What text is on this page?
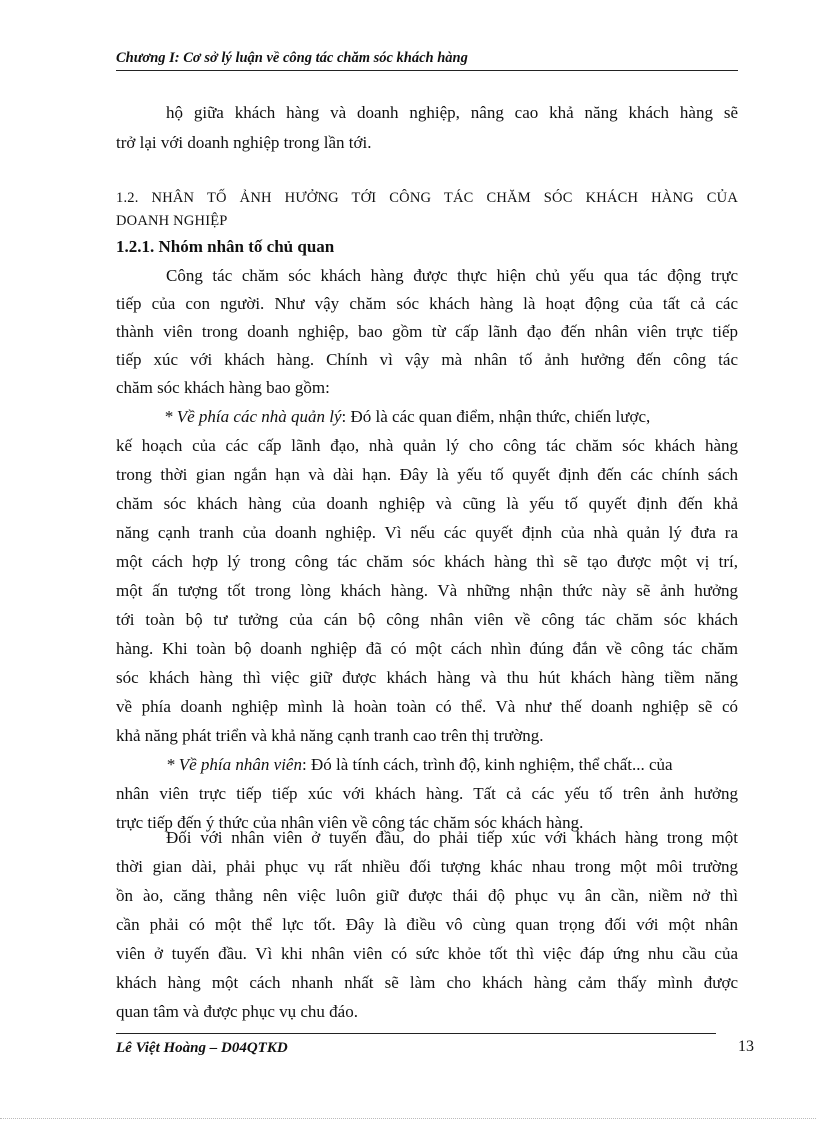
Chương I: Cơ sở lý luận về công tác chăm sóc khách hàng
hộ giữa khách hàng và doanh nghiệp, nâng cao khả năng khách hàng sẽ
trở lại với doanh nghiệp trong lần tới.
1.2. NHÂN TỐ ẢNH HƯỞNG TỚI CÔNG TÁC CHĂM SÓC KHÁCH HÀNG CỦA
DOANH NGHIỆP
1.2.1. Nhóm nhân tố chủ quan
Công tác chăm sóc khách hàng được thực hiện chủ yếu qua tác động trực
tiếp của con người. Như vậy chăm sóc khách hàng là hoạt động của tất cả các
thành viên trong doanh nghiệp, bao gồm từ cấp lãnh đạo đến nhân viên trực tiếp
tiếp xúc với khách hàng. Chính vì vậy mà nhân tố ảnh hưởng đến công tác
chăm sóc khách hàng bao gồm:
* Về phía các nhà quản lý: Đó là các quan điểm, nhận thức, chiến lược,
kế hoạch của các cấp lãnh đạo, nhà quản lý cho công tác chăm sóc khách hàng
trong thời gian ngắn hạn và dài hạn. Đây là yếu tố quyết định đến các chính sách
chăm sóc khách hàng của doanh nghiệp và cũng là yếu tố quyết định đến khả
năng cạnh tranh của doanh nghiệp. Vì nếu các quyết định của nhà quản lý đưa ra
một cách hợp lý trong công tác chăm sóc khách hàng thì sẽ tạo được một vị trí,
một ấn tượng tốt trong lòng khách hàng. Và những nhận thức này sẽ ảnh hưởng
tới toàn bộ tư tưởng của cán bộ công nhân viên về công tác chăm sóc khách
hàng. Khi toàn bộ doanh nghiệp đã có một cách nhìn đúng đắn về công tác chăm
sóc khách hàng thì việc giữ được khách hàng và thu hút khách hàng tiềm năng
về phía doanh nghiệp mình là hoàn toàn có thể. Và như thế doanh nghiệp sẽ có
khả năng phát triển và khả năng cạnh tranh cao trên thị trường.
* Về phía nhân viên: Đó là tính cách, trình độ, kinh nghiệm, thể chất... của
nhân viên trực tiếp tiếp xúc với khách hàng. Tất cả các yếu tố trên ảnh hưởng
trực tiếp đến ý thức của nhân viên về công tác chăm sóc khách hàng.
Đối với nhân viên ở tuyến đầu, do phải tiếp xúc với khách hàng trong một
thời gian dài, phải phục vụ rất nhiều đối tượng khác nhau trong một môi trường
ồn ào, căng thẳng nên việc luôn giữ được thái độ phục vụ ân cần, niềm nở thì
cần phải có một thể lực tốt. Đây là điều vô cùng quan trọng đối với một nhân
viên ở tuyến đầu. Vì khi nhân viên có sức khỏe tốt thì việc đáp ứng nhu cầu của
khách hàng một cách nhanh nhất sẽ làm cho khách hàng cảm thấy mình được
Lê Việt Hoàng – D04QTKD	13
quan tâm và được phục vụ chu đáo.
